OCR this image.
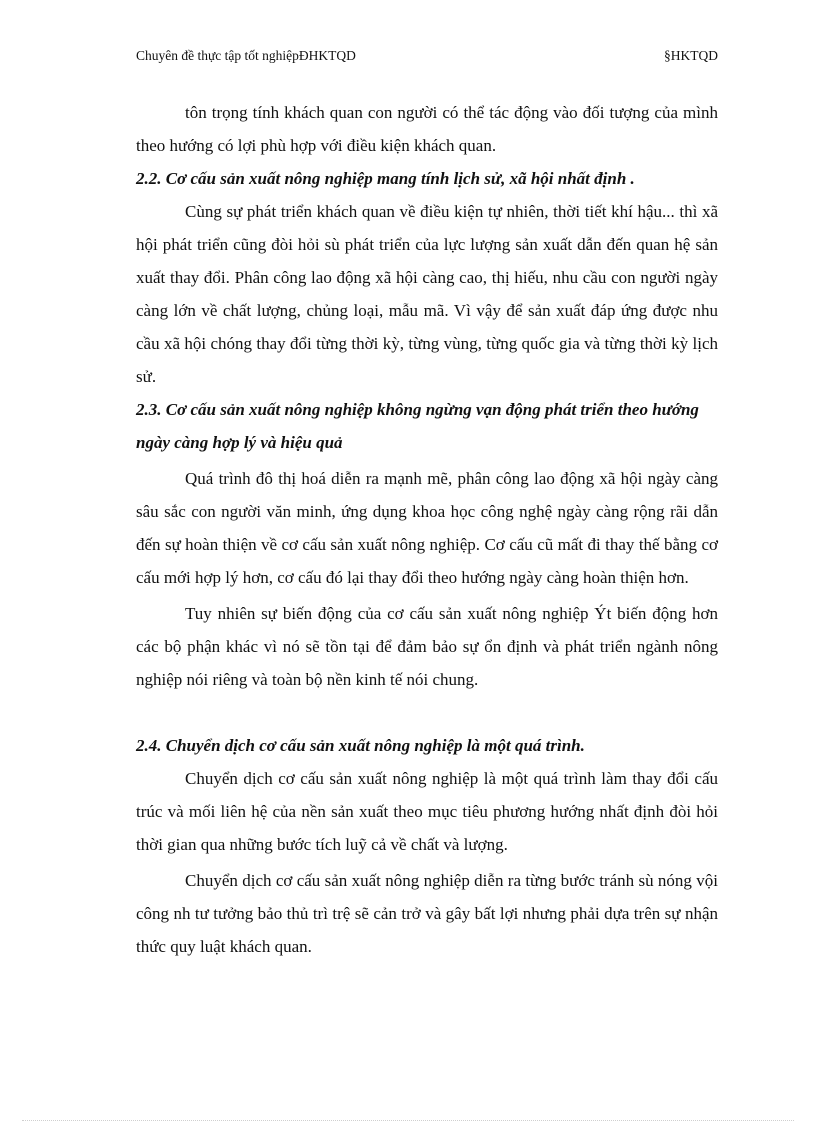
Chuyên đề thực tập tốt nghiệpĐHKTQD	§HKTQD

tôn trọng tính khách quan con người có thể tác động vào đối tượng của mình theo hướng có lợi phù hợp với điều kiện khách quan.

2.2. Cơ cấu sản xuất nông nghiệp mang tính lịch sử, xã hội nhất định .

Cùng sự phát triển khách quan về điều kiện tự nhiên, thời tiết khí hậu... thì xã hội phát triển cũng đòi hỏi sù phát triển của lực lượng sản xuất dẫn đến quan hệ sản xuất thay đổi. Phân công lao động xã hội càng cao, thị hiếu, nhu cầu con người ngày càng lớn về chất lượng, chủng loại, mẫu mã. Vì vậy để sản xuất đáp ứng được nhu cầu xã hội chóng thay đổi từng thời kỳ, từng vùng, từng quốc gia và từng thời kỳ lịch sử.

2.3. Cơ cấu sản xuất nông nghiệp không ngừng vạn động phát triển theo hướng ngày càng hợp lý và hiệu quả

Quá trình đô thị hoá diễn ra mạnh mẽ, phân công lao động xã hội ngày càng sâu sắc con người văn minh, ứng dụng khoa học công nghệ ngày càng rộng rãi dẫn đến sự hoàn thiện về cơ cấu sản xuất nông nghiệp. Cơ cấu cũ mất đi thay thế bằng cơ cấu mới hợp lý hơn, cơ cấu đó lại thay đổi theo hướng ngày càng hoàn thiện hơn.

Tuy nhiên sự biến động của cơ cấu sản xuất nông nghiệp Ýt biến động hơn các bộ phận khác vì nó sẽ tồn tại để đảm bảo sự ổn định và phát triển ngành nông nghiệp nói riêng và toàn bộ nền kinh tế nói chung.

2.4. Chuyển dịch cơ cấu sản xuất nông nghiệp là một quá trình.

Chuyển dịch cơ cấu sản xuất nông nghiệp là một quá trình làm thay đổi cấu trúc và mối liên hệ của nền sản xuất theo mục tiêu phương hướng nhất định đòi hỏi thời gian qua những bước tích luỹ cả về chất và lượng.

Chuyển dịch cơ cấu sản xuất nông nghiệp diễn ra từng bước tránh sù nóng vội công nh tư tưởng bảo thủ trì trệ sẽ cản trở và gây bất lợi nhưng phải dựa trên sự nhận thức quy luật khách quan.
